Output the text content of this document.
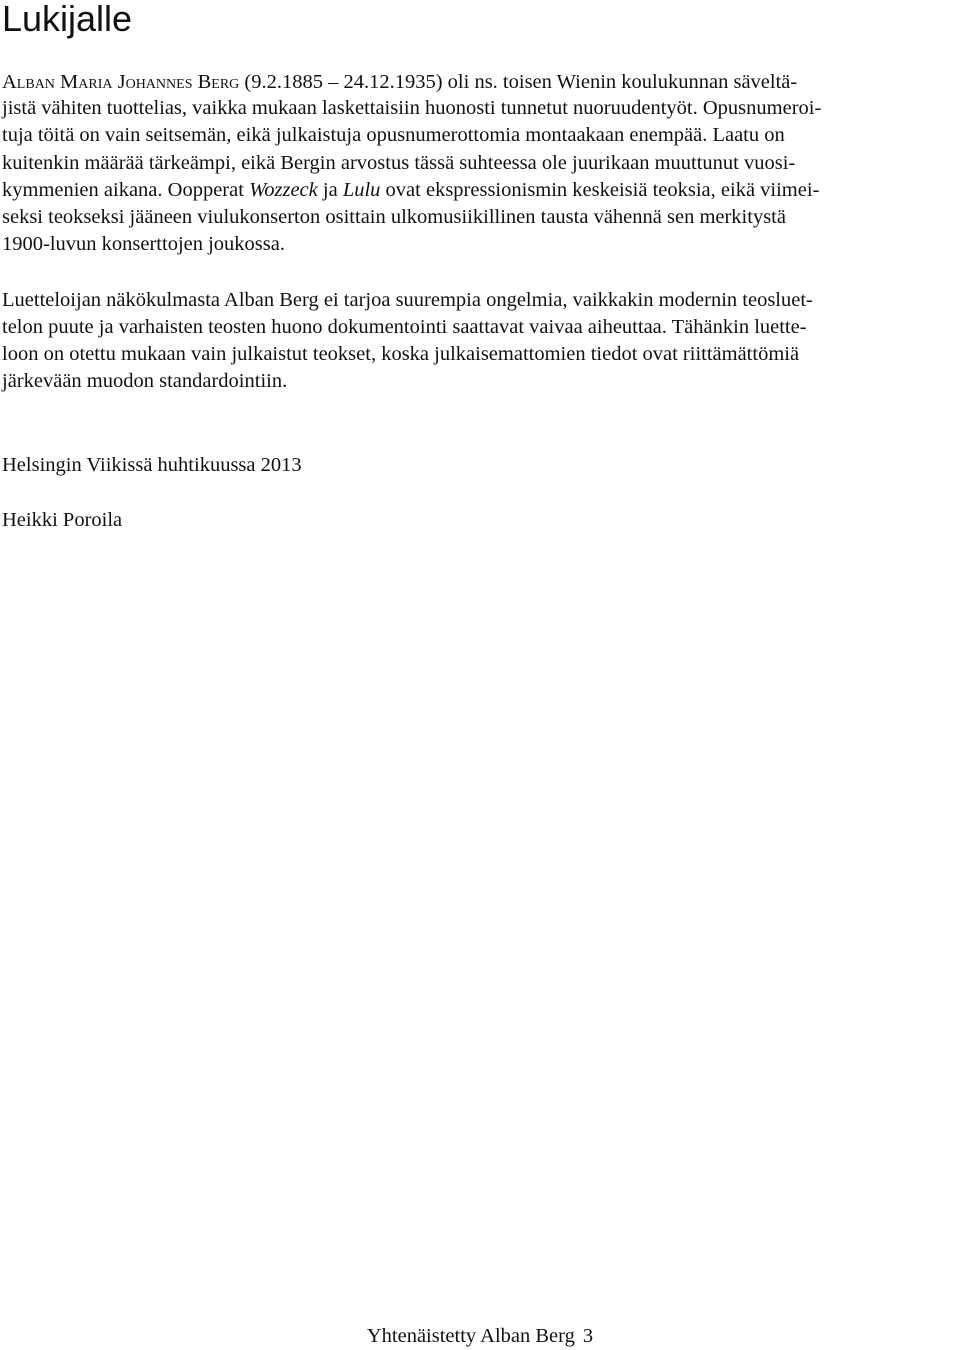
Lukijalle

Alban Maria Johannes Berg (9.2.1885 – 24.12.1935) oli ns. toisen Wienin koulukunnan säveltä-

jistä vähiten tuottelias, vaikka mukaan laskettaisiin huonosti tunnetut nuoruudentyöt. Opusnumeroi-

tuja töitä on vain seitsemän, eikä julkaistuja opusnumerottomia montaakaan enempää. Laatu on

kuitenkin määrää tärkeämpi, eikä Bergin arvostus tässä suhteessa ole juurikaan muuttunut vuosi-

kymmenien aikana. Oopperat Wozzeck ja Lulu ovat ekspressionismin keskeisiä teoksia, eikä viimei-

seksi teokseksi jääneen viulukonserton osittain ulkomusiikillinen tausta vähennä sen merkitystä

1900-luvun konserttojen joukossa.

Luetteloijan näkökulmasta Alban Berg ei tarjoa suurempia ongelmia, vaikkakin modernin teosluet-

telon puute ja varhaisten teosten huono dokumentointi saattavat vaivaa aiheuttaa. Tähänkin luette-

loon on otettu mukaan vain julkaistut teokset, koska julkaisemattomien tiedot ovat riittämättömiä

järkevään muodon standardointiin.

Helsingin Viikissä huhtikuussa 2013

Heikki Poroila

Yhtenäistetty Alban Berg 3
